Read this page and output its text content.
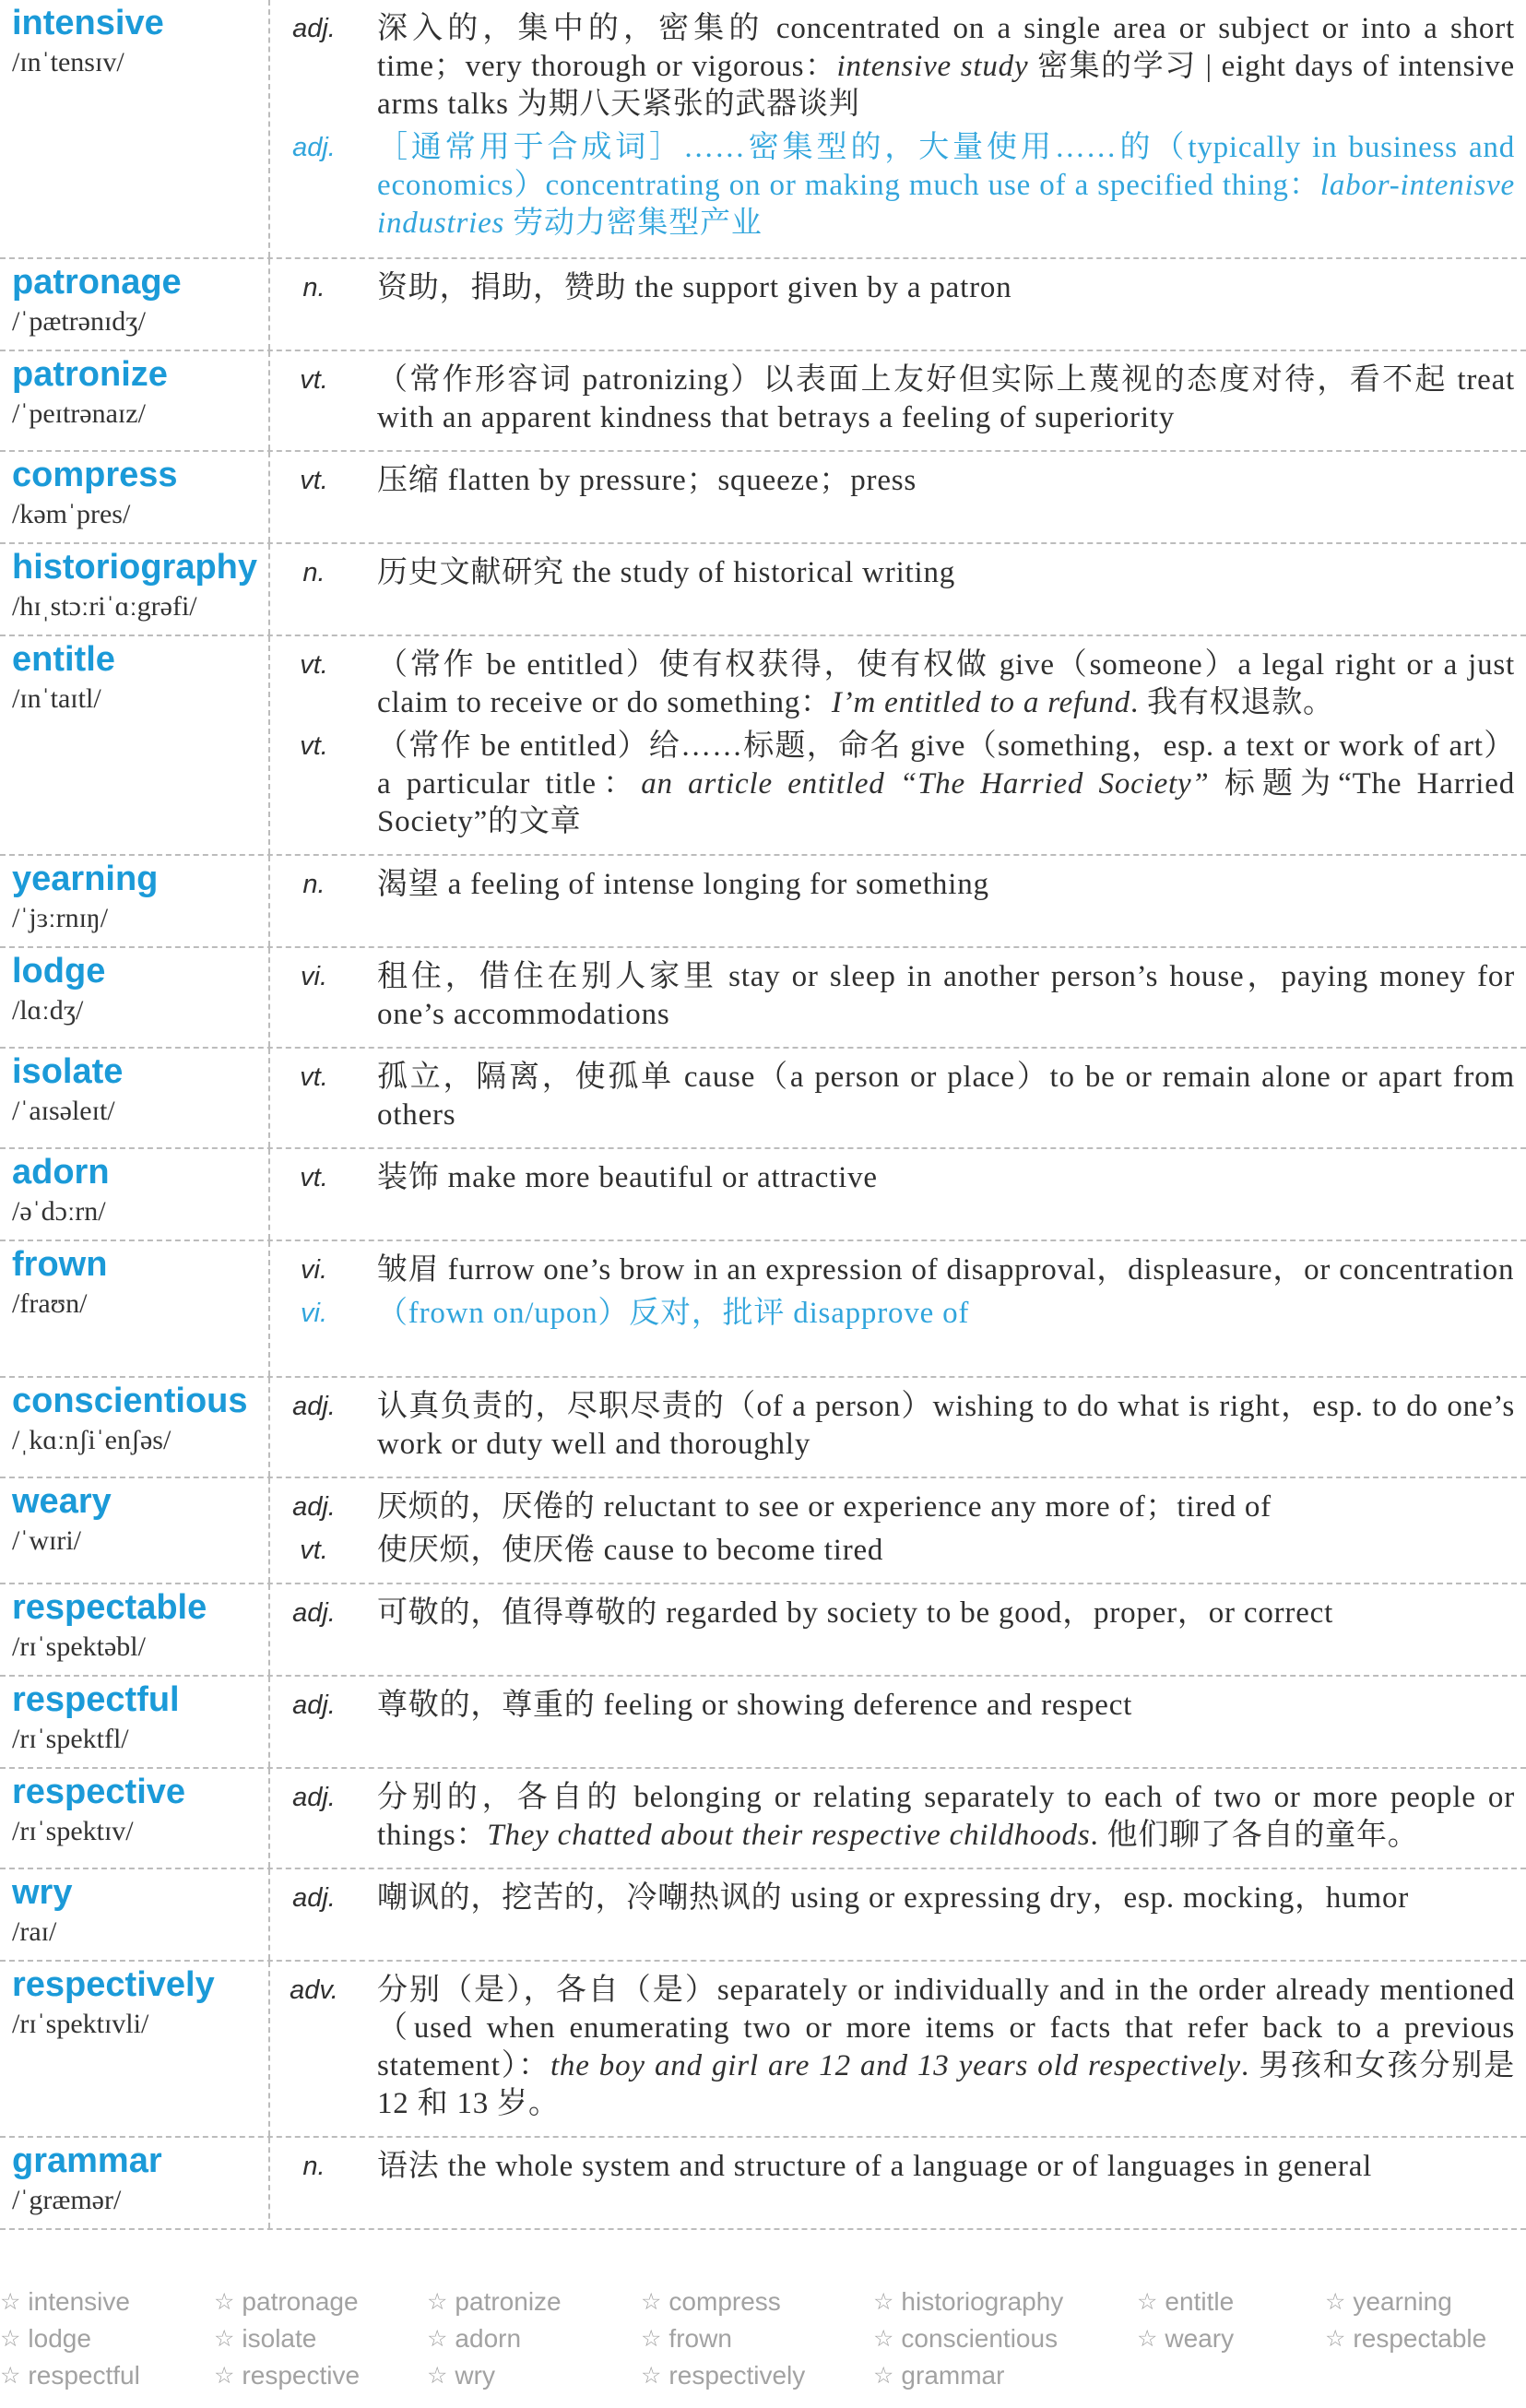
intensive
/ɪnˈtensɪv/
adj.	深入的，集中的，密集的 concentrated on a single area or subject or into a short time；very thorough or vigorous：intensive study 密集的学习 | eight days of intensive arms talks 为期八天紧张的武器谈判
adj.	［通常用于合成词］……密集型的，大量使用……的（typically in business and economics）concentrating on or making much use of a specified thing：labor-intenisve industries 劳动力密集型产业
patronage
/ˈpætrənɪdʒ/
n.	资助，捐助，赞助 the support given by a patron
patronize
/ˈpeɪtrənaɪz/
vt.	（常作形容词 patronizing）以表面上友好但实际上蔑视的态度对待，看不起 treat with an apparent kindness that betrays a feeling of superiority
compress
/kəmˈpres/
vt.	压缩 flatten by pressure；squeeze；press
historiography
/hɪˌstɔːriˈɑːgrəfi/
n.	历史文献研究 the study of historical writing
entitle
/ɪnˈtaɪtl/
vt.	（常作 be entitled）使有权获得，使有权做 give（someone）a legal right or a just claim to receive or do something：I’m entitled to a refund. 我有权退款。
vt.	（常作 be entitled）给……标题，命名 give（something，esp. a text or work of art）a particular title：an article entitled “The Harried Society” 标题为“The Harried Society”的文章
yearning
/ˈjɜːrnɪŋ/
n.	渴望 a feeling of intense longing for something
lodge
/lɑːdʒ/
vi.	租住，借住在别人家里 stay or sleep in another person’s house，paying money for one’s accommodations
isolate
/ˈaɪsəleɪt/
vt.	孤立，隔离，使孤单 cause（a person or place）to be or remain alone or apart from others
adorn
/əˈdɔːrn/
vt.	装饰 make more beautiful or attractive
frown
/fraʊn/
vi.	皱眉 furrow one’s brow in an expression of disapproval，displeasure，or concentration
vi.	（frown on/upon）反对，批评 disapprove of
conscientious
/ˌkɑːnʃiˈenʃəs/
adj.	认真负责的，尽职尽责的（of a person）wishing to do what is right，esp. to do one’s work or duty well and thoroughly
weary
/ˈwɪri/
adj.	厌烦的，厌倦的 reluctant to see or experience any more of；tired of
vt.	使厌烦，使厌倦 cause to become tired
respectable
/rɪˈspektəbl/
adj.	可敬的，值得尊敬的 regarded by society to be good，proper，or correct
respectful
/rɪˈspektfl/
adj.	尊敬的，尊重的 feeling or showing deference and respect
respective
/rɪˈspektɪv/
adj.	分别的，各自的 belonging or relating separately to each of two or more people or things：They chatted about their respective childhoods. 他们聊了各自的童年。
wry
/raɪ/
adj.	嘲讽的，挖苦的，冷嘲热讽的 using or expressing dry，esp. mocking，humor
respectively
/rɪˈspektɪvli/
adv.	分别（是），各自（是）separately or individually and in the order already mentioned（used when enumerating two or more items or facts that refer back to a previous statement）：the boy and girl are 12 and 13 years old respectively. 男孩和女孩分别是 12 和 13 岁。
grammar
/ˈgræmər/
n.	语法 the whole system and structure of a language or of languages in general
☆
intensive ☆	patronage ☆	patronize ☆	compress ☆	historiography ☆	entitle ☆	yearning
☆
lodge ☆	isolate ☆	adorn ☆	frown ☆	conscientious ☆	weary ☆	respectable
☆
respectful ☆	respective ☆	wry ☆	respectively ☆	grammar
